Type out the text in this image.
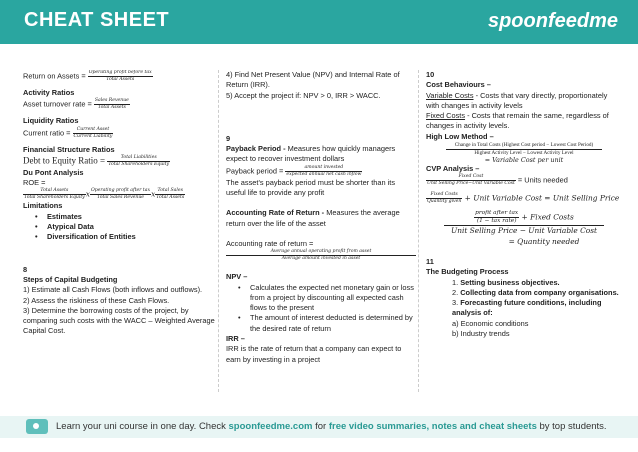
CHEAT SHEET	spoonfeedme
Return on Assets = Operating profit before tax
Total Assets
Activity Ratios
Asset turnover rate = Sales Revenue
Total Assets
Liquidity Ratios
Current ratio = Current Asset
Current Liability
Financial Structure Ratios
Debt to Equity Ratio =	Total Liabilities
Total Shareholders Equity
Du Pont Analysis
ROE =
Total Assets
Total Shareholders Equity x Operating profit after tax
Total Sales Revenue x Total Sales
Total Assets
Limitations
• Estimates
• Atypical Data
• Diversification of Entities
8
Steps of Capital Budgeting
1) Estimate all Cash Flows (both inflows and outflows).
2) Assess the riskiness of these Cash Flows.
3) Determine the borrowing costs of the project, by comparing such costs with the WACC – Weighted Average Capital Cost.
4) Find Net Present Value (NPV) and Internal Rate of Return (IRR).
5) Accept the project if: NPV > 0, IRR > WACC.
9
Payback Period - Measures how quickly managers expect to recover investment dollars
Payback period =	amount invested
expected annual net cash inflow
The asset's payback period must be shorter than its useful life to provide any profit
Accounting Rate of Return - Measures the average return over the life of the asset
Accounting rate of return =
Average annual operating profit from asset
Average amount invested in asset
NPV –
• Calculates the expected net monetary gain or loss from a project by discounting all expected cash flows to the present
• The amount of interest deducted is determined by the desired rate of return
IRR –
IRR is the rate of return that a company can expect to earn by investing in a project
10
Cost Behaviours –
Variable Costs - Costs that vary directly, proportionately with changes in activity levels
Fixed Costs - Costs that remain the same, regardless of changes in activity levels.
High Low Method –
Change in Total Costs (Highest Cost period − Lowest Cost Period)
Highest Activity Level − Lowest Activity Level
= Variable Cost per unit
CVP Analysis –
Fixed Cost
Unit Selling Price−Unit Variable Cost = Units needed
Fixed Costs
Quantity given + Unit Variable Cost = Unit Selling Price
profit after tax
(1 − tax rate) + Fixed Costs
Unit Selling Price − Unit Variable Cost
= Quantity needed
11
The Budgeting Process
1. Setting business objectives.
2. Collecting data from company organisations.
3. Forecasting future conditions, including analysis of:
a) Economic conditions
b) Industry trends
Learn your uni course in one day. Check spoonfeedme.com for free video summaries, notes and cheat sheets by top students.
